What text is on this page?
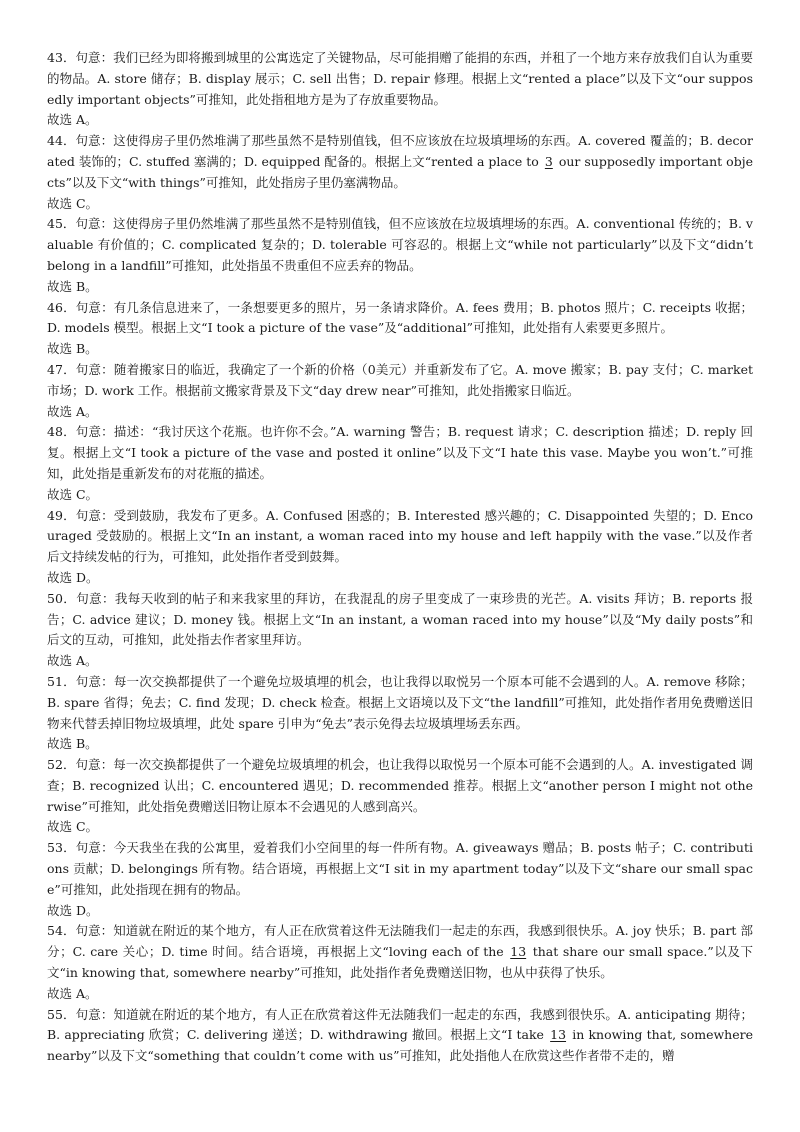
43．句意：我们已经为即将搬到城里的公寓选定了关键物品，尽可能捐赠了能捐的东西，并租了一个地方来存放我们自认为重要的物品。A. store 储存；B. display 展示；C. sell 出售；D. repair 修理。根据上文“rented a place”以及下文“our supposedly important objects”可推知，此处指租地方是为了存放重要物品。

故选 A。

44．句意：这使得房子里仍然堆满了那些虽然不是特别值钱，但不应该放在垃圾填埋场的东西。A. covered 覆盖的；B. decorated 装饰的；C. stuffed 塞满的；D. equipped 配备的。根据上文“rented a place to 3 our supposedly important objects”以及下文“with things”可推知，此处指房子里仍塞满物品。

故选 C。

45．句意：这使得房子里仍然堆满了那些虽然不是特别值钱，但不应该放在垃圾填埋场的东西。A. conventional 传统的；B. valuable 有价值的；C. complicated 复杂的；D. tolerable 可容忍的。根据上文“while not particularly”以及下文“didn’t belong in a landfill”可推知，此处指虽不贵重但不应丢弃的物品。

故选 B。

46．句意：有几条信息进来了，一条想要更多的照片，另一条请求降价。A. fees 费用；B. photos 照片；C. receipts 收据；D. models 模型。根据上文“I took a picture of the vase”及“additional”可推知，此处指有人索要更多照片。

故选 B。

47．句意：随着搬家日的临近，我确定了一个新的价格（0美元）并重新发布了它。A. move 搬家；B. pay 支付；C. market 市场；D. work 工作。根据前文搬家背景及下文“day drew near”可推知，此处指搬家日临近。

故选 A。

48．句意：描述：“我讨厌这个花瓶。也许你不会。”A. warning 警告；B. request 请求；C. description 描述；D. reply 回复。根据上文“I took a picture of the vase and posted it online”以及下文“I hate this vase. Maybe you won’t.”可推知，此处指是重新发布的对花瓶的描述。

故选 C。

49．句意：受到鼓励，我发布了更多。A. Confused 困惑的；B. Interested 感兴趣的；C. Disappointed 失望的；D. Encouraged 受鼓励的。根据上文“In an instant, a woman raced into my house and left happily with the vase.”以及作者后文持续发帖的行为，可推知，此处指作者受到鼓舞。

故选 D。

50．句意：我每天收到的帖子和来我家里的拜访，在我混乱的房子里变成了一束珍贵的光芒。A. visits 拜访；B. reports 报告；C. advice 建议；D. money 钱。根据上文“In an instant, a woman raced into my house”以及“My daily posts”和后文的互动，可推知，此处指去作者家里拜访。

故选 A。

51．句意：每一次交换都提供了一个避免垃圾填埋的机会，也让我得以取悦另一个原本可能不会遇到的人。A. remove 移除；B. spare 省得；免去；C. find 发现；D. check 检查。根据上文语境以及下文“the landfill”可推知，此处指作者用免费赠送旧物来代替丢掉旧物垃圾填埋，此处 spare 引申为“免去”表示免得去垃圾填埋场丢东西。

故选 B。

52．句意：每一次交换都提供了一个避免垃圾填埋的机会，也让我得以取悦另一个原本可能不会遇到的人。A. investigated 调查；B. recognized 认出；C. encountered 遇见；D. recommended 推荐。根据上文“another person I might not otherwise”可推知，此处指免费赠送旧物让原本不会遇见的人感到高兴。

故选 C。

53．句意：今天我坐在我的公寓里，爱着我们小空间里的每一件所有物。A. giveaways 赠品；B. posts 帖子；C. contributions 贡献；D. belongings 所有物。结合语境，再根据上文“I sit in my apartment today”以及下文“share our small space”可推知，此处指现在拥有的物品。

故选 D。

54．句意：知道就在附近的某个地方，有人正在欣赏着这件无法随我们一起走的东西，我感到很快乐。A. joy 快乐；B. part 部分；C. care 关心；D. time 时间。结合语境，再根据上文“loving each of the 13 that share our small space.”以及下文“in knowing that, somewhere nearby”可推知，此处指作者免费赠送旧物，也从中获得了快乐。

故选 A。

55．句意：知道就在附近的某个地方，有人正在欣赏着这件无法随我们一起走的东西，我感到很快乐。A. anticipating 期待；B. appreciating 欣赏；C. delivering 递送；D. withdrawing 撤回。根据上文“I take 13 in knowing that, somewhere nearby”以及下文“something that couldn’t come with us”可推知，此处指他人在欣赏这些作者带不走的，赠
